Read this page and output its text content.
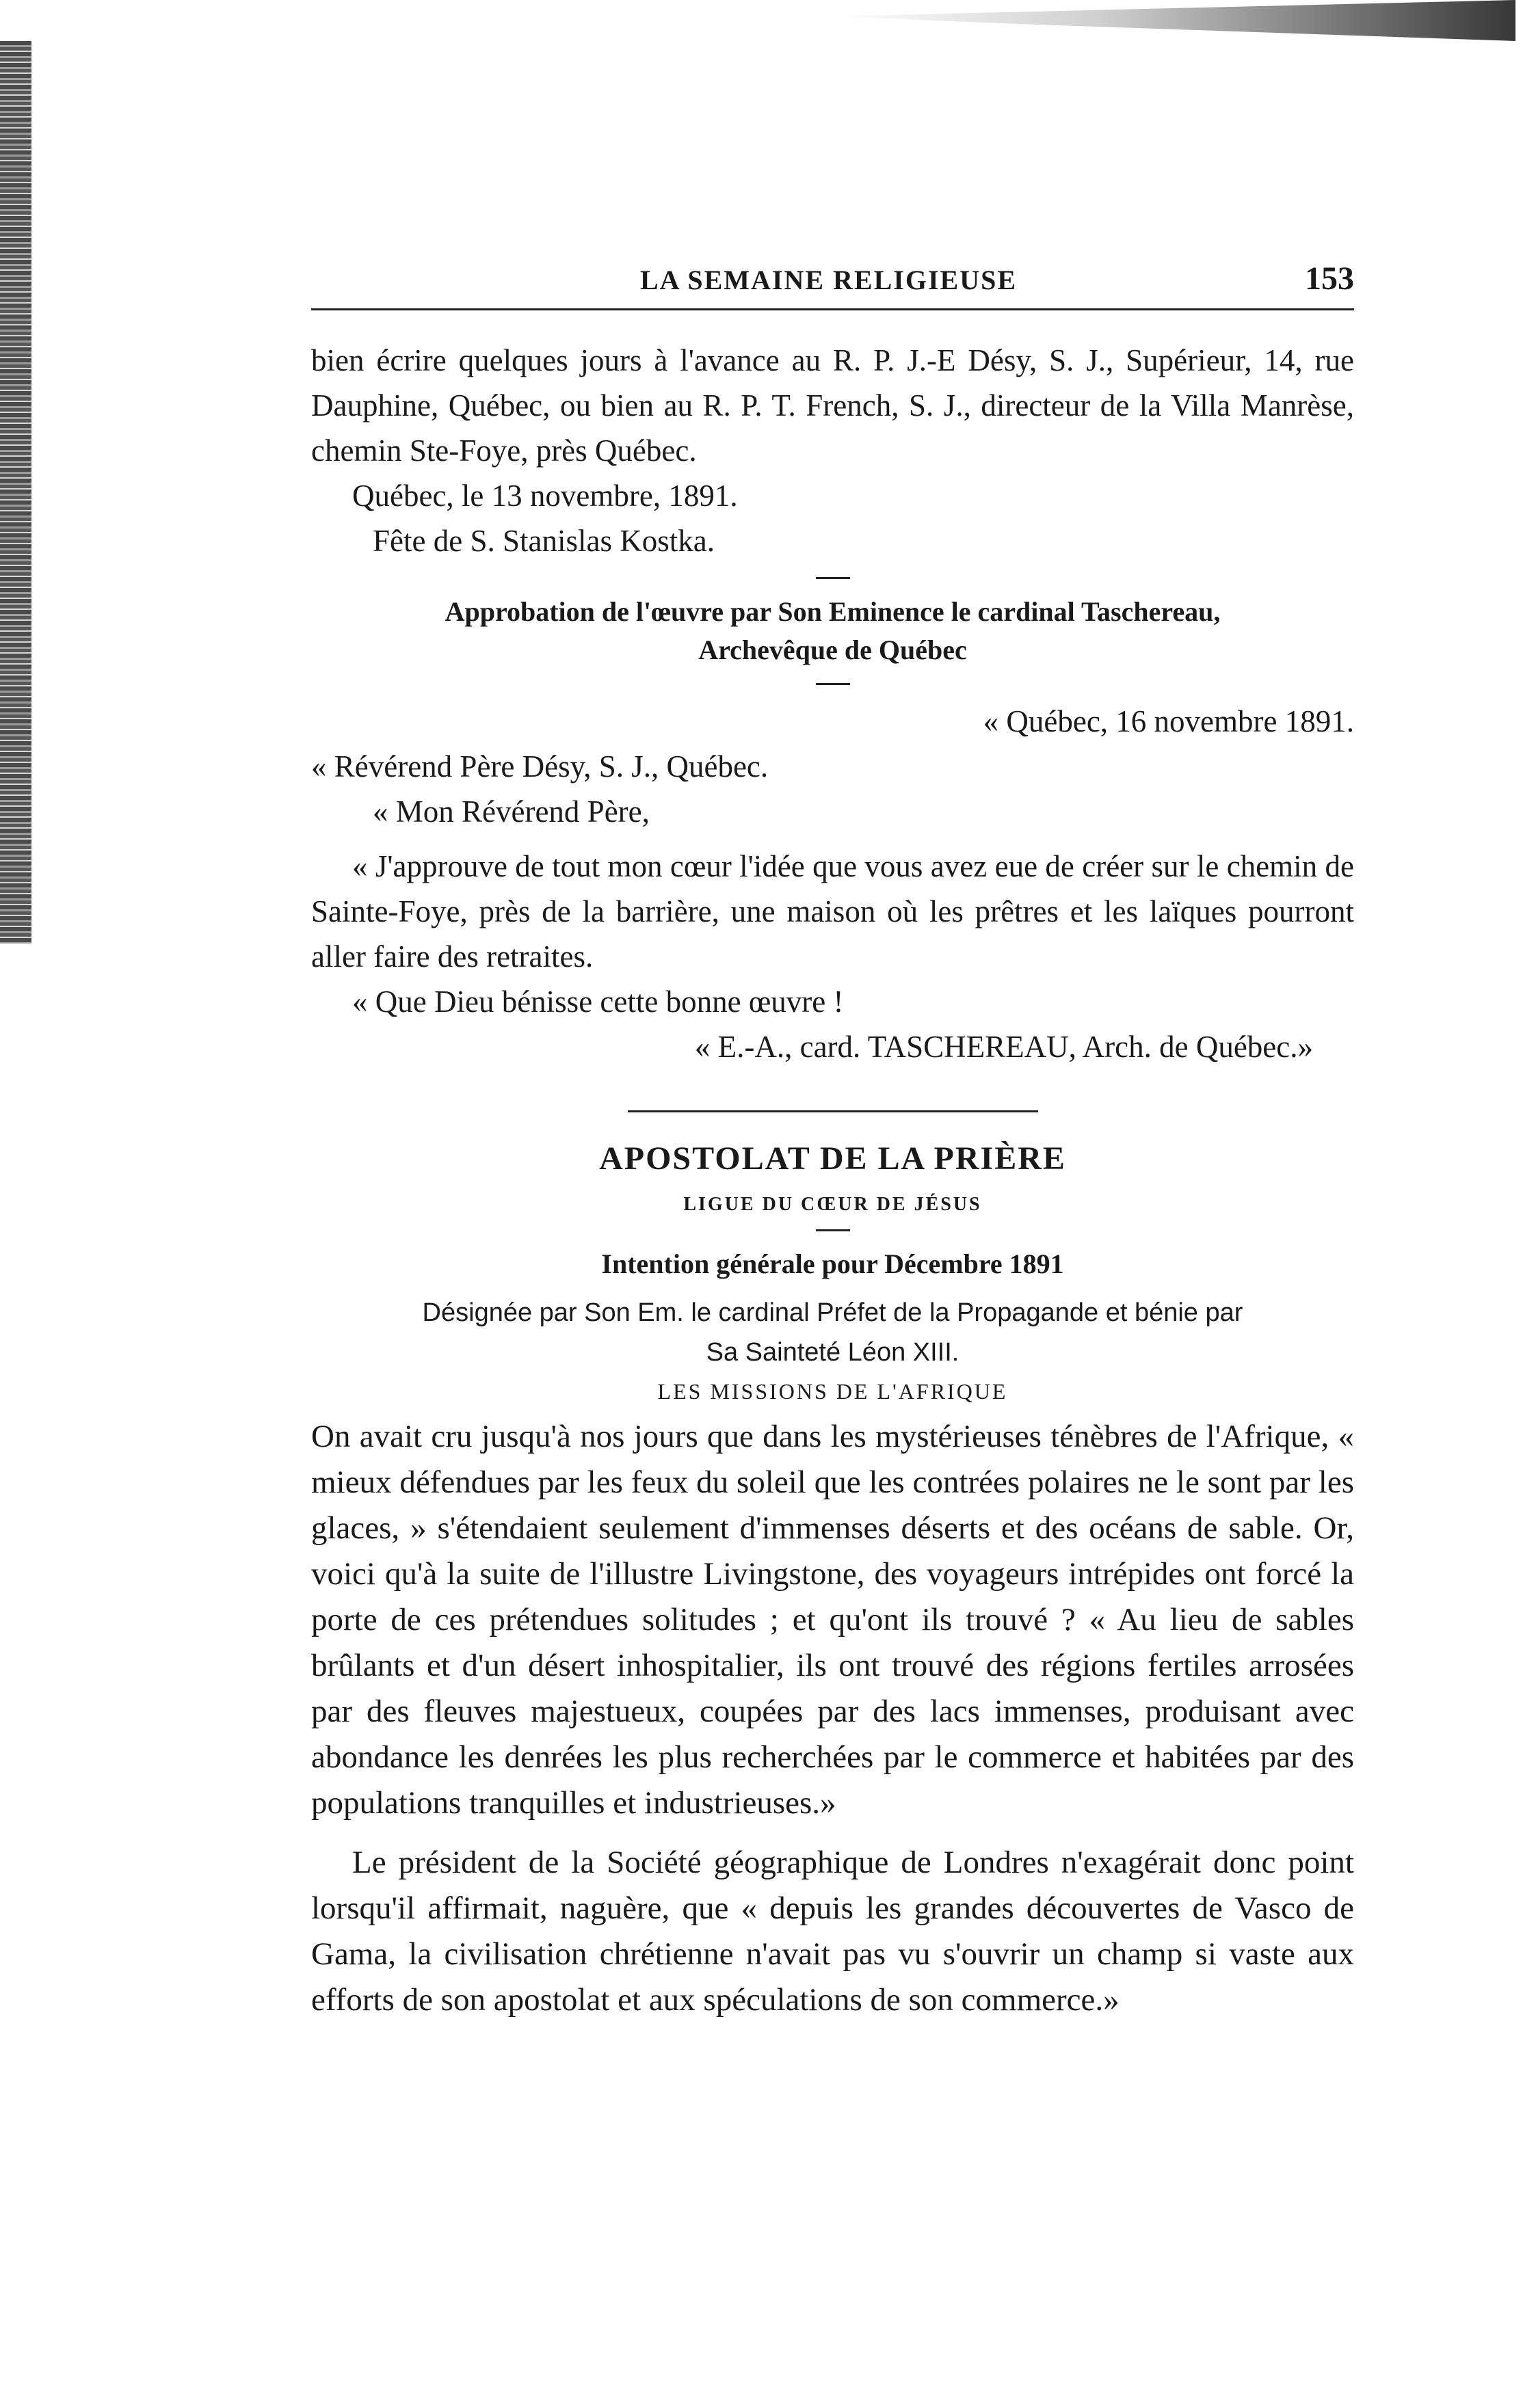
LA SEMAINE RELIGIEUSE	153

bien écrire quelques jours à l'avance au R. P. J.-E Désy, S. J., Supérieur, 14, rue Dauphine, Québec, ou bien au R. P. T. French, S. J., directeur de la Villa Manrèse, chemin Ste-Foye, près Québec.

Québec, le 13 novembre, 1891.

Fête de S. Stanislas Kostka.

Approbation de l'œuvre par Son Eminence le cardinal Taschereau,
Archevêque de Québec

« Québec, 16 novembre 1891.

« Révérend Père Désy, S. J., Québec.

« Mon Révérend Père,

« J'approuve de tout mon cœur l'idée que vous avez eue de créer sur le chemin de Sainte-Foye, près de la barrière, une maison où les prêtres et les laïques pourront aller faire des retraites.

« Que Dieu bénisse cette bonne œuvre !

« E.-A., card. TASCHEREAU, Arch. de Québec.»

APOSTOLAT DE LA PRIÈRE
LIGUE DU CŒUR DE JÉSUS
Intention générale pour Décembre 1891
Désignée par Son Em. le cardinal Préfet de la Propagande et bénie par
Sa Sainteté Léon XIII.
LES MISSIONS DE L'AFRIQUE

On avait cru jusqu'à nos jours que dans les mystérieuses ténèbres de l'Afrique, « mieux défendues par les feux du soleil que les contrées polaires ne le sont par les glaces, » s'étendaient seulement d'immenses déserts et des océans de sable. Or, voici qu'à la suite de l'illustre Livingstone, des voyageurs intrépides ont forcé la porte de ces prétendues solitudes ; et qu'ont ils trouvé ? « Au lieu de sables brûlants et d'un désert inhospitalier, ils ont trouvé des régions fertiles arrosées par des fleuves majestueux, coupées par des lacs immenses, produisant avec abondance les denrées les plus recherchées par le commerce et habitées par des populations tranquilles et industrieuses.»

Le président de la Société géographique de Londres n'exagérait donc point lorsqu'il affirmait, naguère, que « depuis les grandes découvertes de Vasco de Gama, la civilisation chrétienne n'avait pas vu s'ouvrir un champ si vaste aux efforts de son apostolat et aux spéculations de son commerce.»
